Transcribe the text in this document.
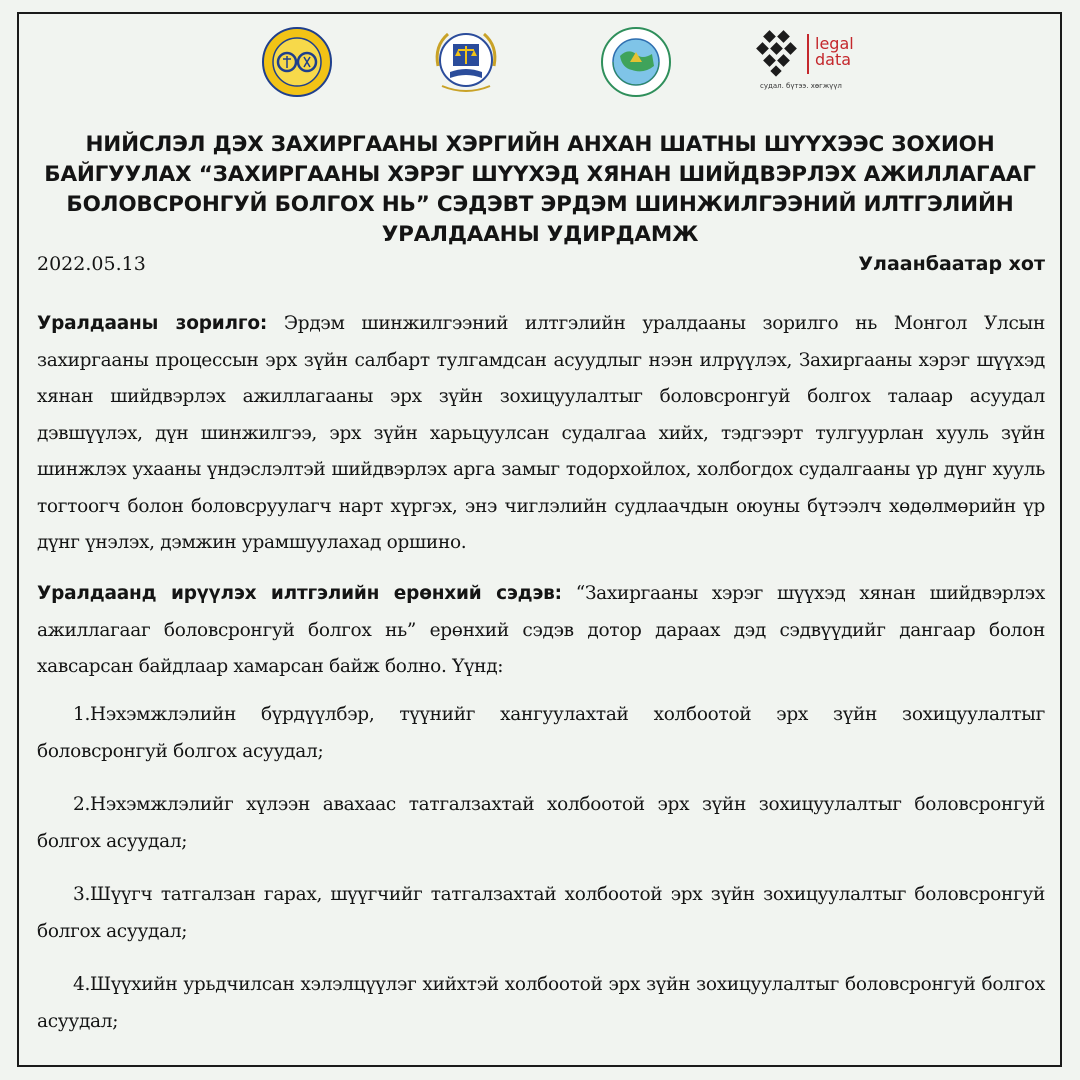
legal
data
судал. бүтээ. хөгжүүл
НИЙСЛЭЛ ДЭХ ЗАХИРГААНЫ ХЭРГИЙН АНХАН ШАТНЫ ШҮҮХЭЭС ЗОХИОН БАЙГУУЛАХ “ЗАХИРГААНЫ ХЭРЭГ ШҮҮХЭД ХЯНАН ШИЙДВЭРЛЭХ АЖИЛЛАГААГ БОЛОВСРОНГУЙ БОЛГОХ НЬ” СЭДЭВТ ЭРДЭМ ШИНЖИЛГЭЭНИЙ ИЛТГЭЛИЙН УРАЛДААНЫ УДИРДАМЖ
2022.05.13	Улаанбаатар хот
Уралдааны зорилго: Эрдэм шинжилгээний илтгэлийн уралдааны зорилго нь Монгол Улсын захиргааны процессын эрх зүйн салбарт тулгамдсан асуудлыг нээн илрүүлэх, Захиргааны хэрэг шүүхэд хянан шийдвэрлэх ажиллагааны эрх зүйн зохицуулалтыг боловсронгуй болгох талаар асуудал дэвшүүлэх, дүн шинжилгээ, эрх зүйн харьцуулсан судалгаа хийх, тэдгээрт тулгуурлан хууль зүйн шинжлэх ухааны үндэслэлтэй шийдвэрлэх арга замыг тодорхойлох, холбогдох судалгааны үр дүнг хууль тогтоогч болон боловсруулагч нарт хүргэх, энэ чиглэлийн судлаачдын оюуны бүтээлч хөдөлмөрийн үр дүнг үнэлэх, дэмжин урамшуулахад оршино.
Уралдаанд ирүүлэх илтгэлийн ерөнхий сэдэв: “Захиргааны хэрэг шүүхэд хянан шийдвэрлэх ажиллагааг боловсронгуй болгох нь” ерөнхий сэдэв дотор дараах дэд сэдвүүдийг дангаар болон хавсарсан байдлаар хамарсан байж болно. Үүнд:
1.Нэхэмжлэлийн бүрдүүлбэр, түүнийг хангуулахтай холбоотой эрх зүйн зохицуулалтыг боловсронгуй болгох асуудал;
2.Нэхэмжлэлийг хүлээн авахаас татгалзахтай холбоотой эрх зүйн зохицуулалтыг боловсронгуй болгох асуудал;
3.Шүүгч татгалзан гарах, шүүгчийг татгалзахтай холбоотой эрх зүйн зохицуулалтыг боловсронгуй болгох асуудал;
4.Шүүхийн урьдчилсан хэлэлцүүлэг хийхтэй холбоотой эрх зүйн зохицуулалтыг боловсронгуй болгох асуудал;
